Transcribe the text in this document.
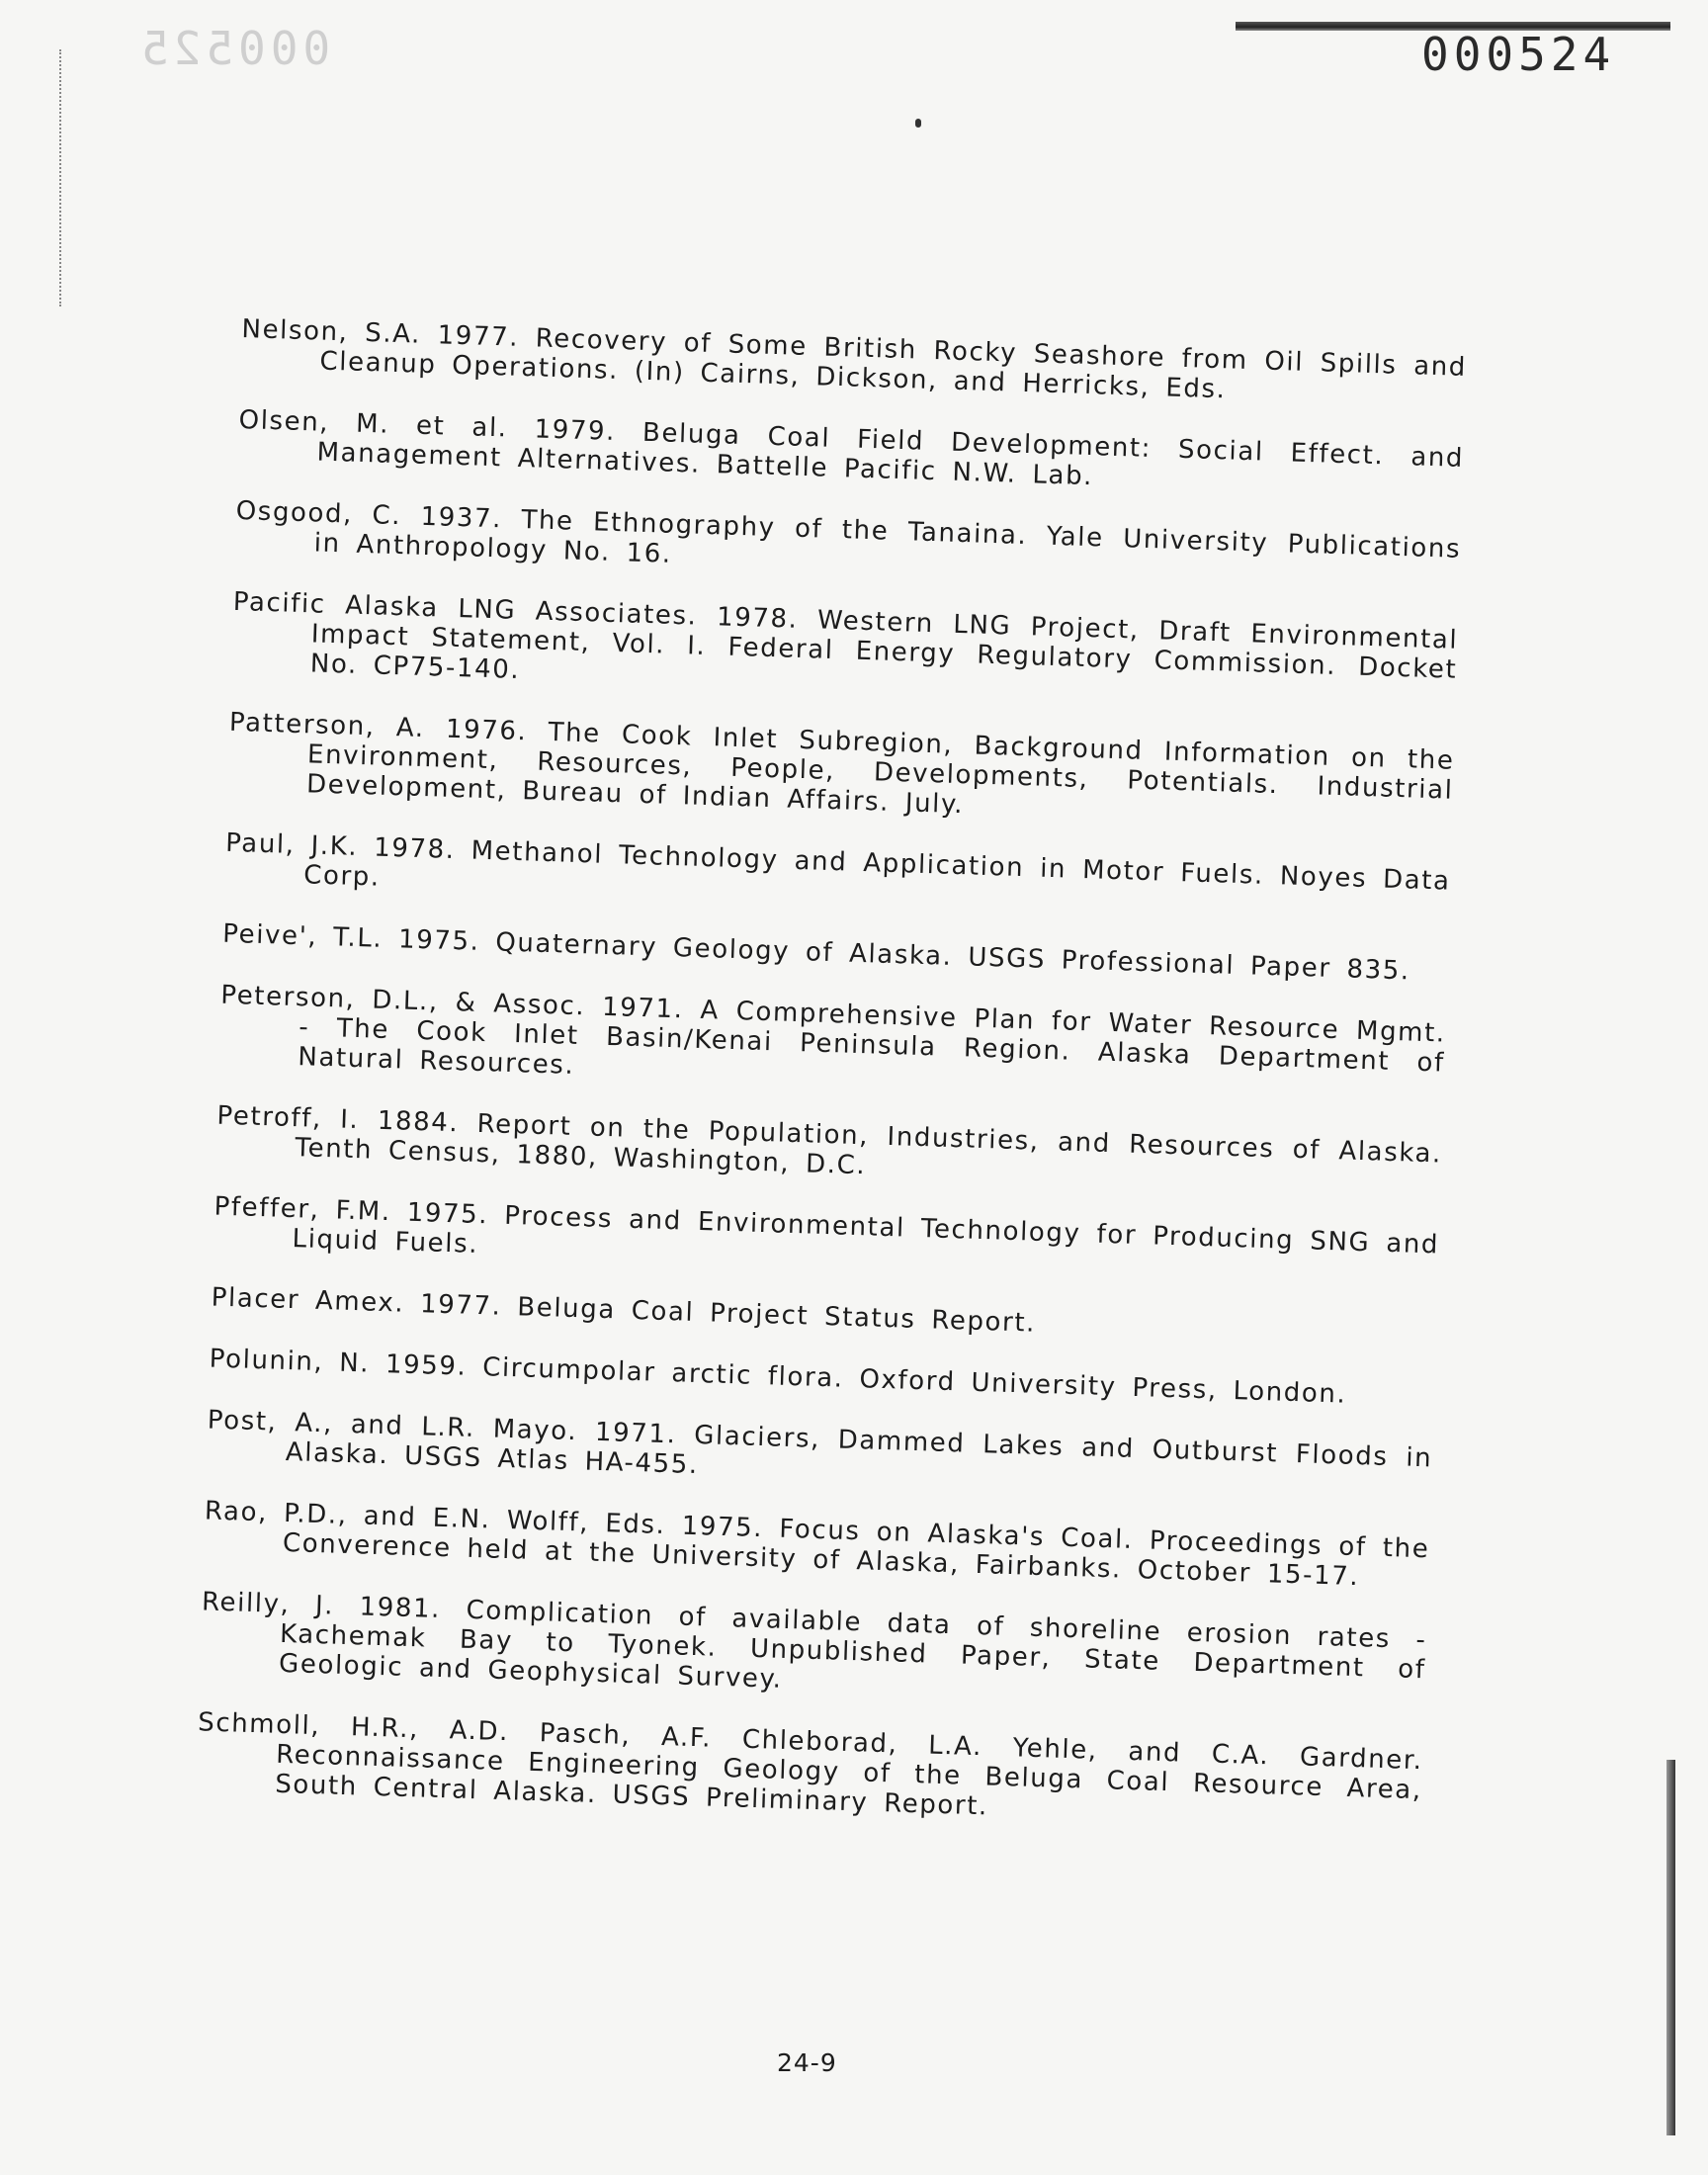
000525	000524

Nelson, S.A. 1977. Recovery of Some British Rocky Seashore from Oil Spills and Cleanup Operations. (In) Cairns, Dickson, and Herricks, Eds.

Olsen, M. et al. 1979. Beluga Coal Field Development: Social Effect. and Management Alternatives. Battelle Pacific N.W. Lab.

Osgood, C. 1937. The Ethnography of the Tanaina. Yale University Publications in Anthropology No. 16.

Pacific Alaska LNG Associates. 1978. Western LNG Project, Draft Environmental Impact Statement, Vol. I. Federal Energy Regulatory Commission. Docket No. CP75-140.

Patterson, A. 1976. The Cook Inlet Subregion, Background Information on the Environment, Resources, People, Developments, Potentials. Industrial Development, Bureau of Indian Affairs. July.

Paul, J.K. 1978. Methanol Technology and Application in Motor Fuels. Noyes Data Corp.

Peive', T.L. 1975. Quaternary Geology of Alaska. USGS Professional Paper 835.

Peterson, D.L., & Assoc. 1971. A Comprehensive Plan for Water Resource Mgmt. - The Cook Inlet Basin/Kenai Peninsula Region. Alaska Department of Natural Resources.

Petroff, I. 1884. Report on the Population, Industries, and Resources of Alaska. Tenth Census, 1880, Washington, D.C.

Pfeffer, F.M. 1975. Process and Environmental Technology for Producing SNG and Liquid Fuels.

Placer Amex. 1977. Beluga Coal Project Status Report.

Polunin, N. 1959. Circumpolar arctic flora. Oxford University Press, London.

Post, A., and L.R. Mayo. 1971. Glaciers, Dammed Lakes and Outburst Floods in Alaska. USGS Atlas HA-455.

Rao, P.D., and E.N. Wolff, Eds. 1975. Focus on Alaska's Coal. Proceedings of the Converence held at the University of Alaska, Fairbanks. October 15-17.

Reilly, J. 1981. Complication of available data of shoreline erosion rates - Kachemak Bay to Tyonek. Unpublished Paper, State Department of Geologic and Geophysical Survey.

Schmoll, H.R., A.D. Pasch, A.F. Chleborad, L.A. Yehle, and C.A. Gardner. Reconnaissance Engineering Geology of the Beluga Coal Resource Area, South Central Alaska. USGS Preliminary Report.

24-9
